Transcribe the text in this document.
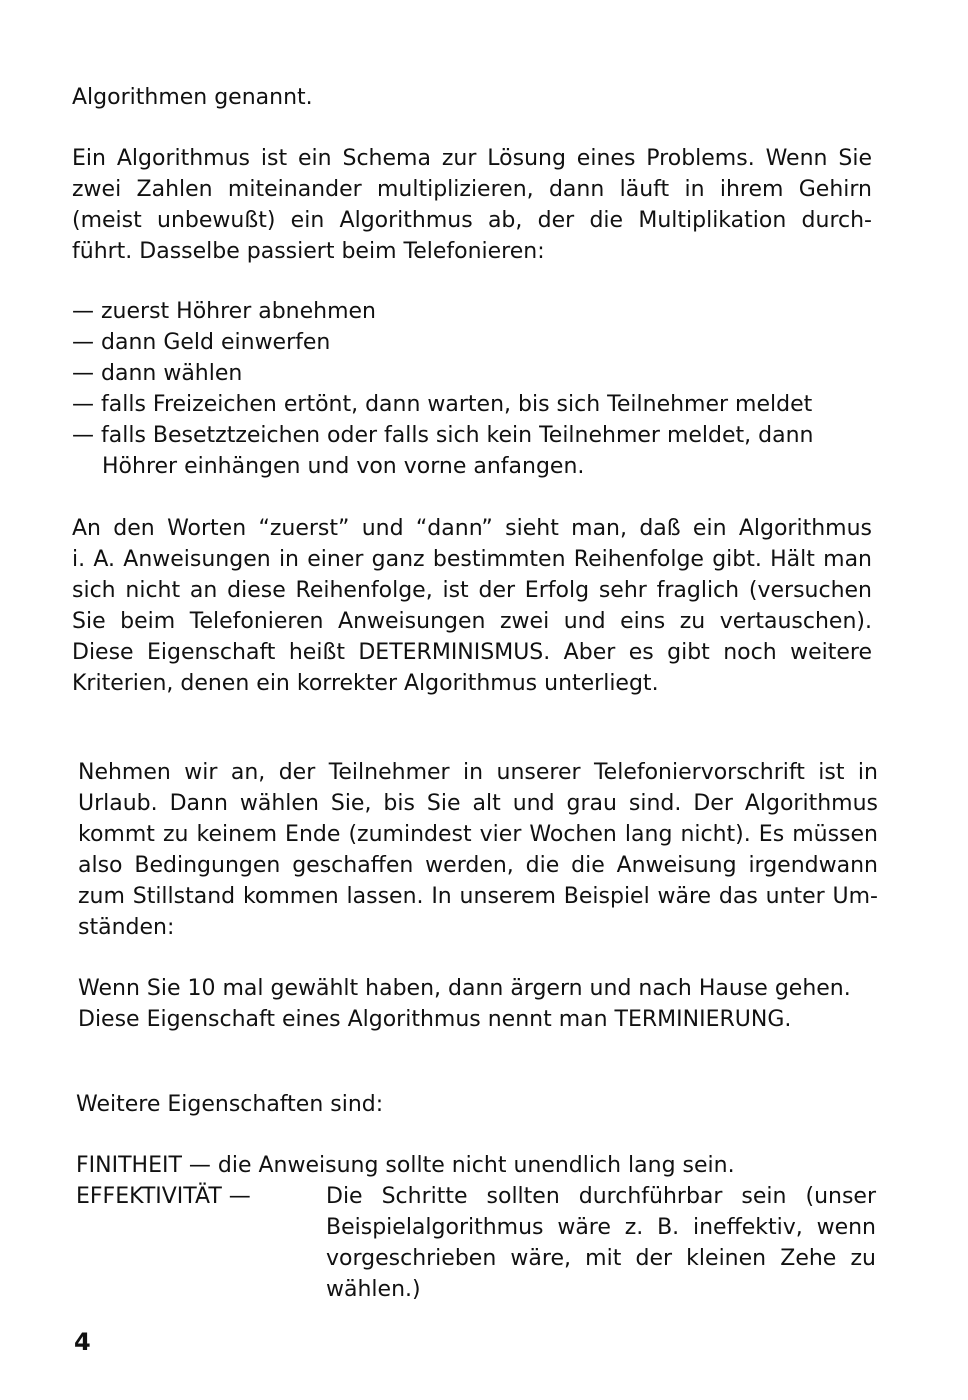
Algorithmen genannt.
Ein Algorithmus ist ein Schema zur Lösung eines Problems. Wenn Sie
zwei Zahlen miteinander multiplizieren, dann läuft in ihrem Gehirn
(meist unbewußt) ein Algorithmus ab, der die Multiplikation durch-
führt. Dasselbe passiert beim Telefonieren:
— zuerst Höhrer abnehmen
— dann Geld einwerfen
— dann wählen
— falls Freizeichen ertönt, dann warten, bis sich Teilnehmer meldet
— falls Besetztzeichen oder falls sich kein Teilnehmer meldet, dann
Höhrer einhängen und von vorne anfangen.
An den Worten “zuerst” und “dann” sieht man, daß ein Algorithmus
i. A. Anweisungen in einer ganz bestimmten Reihenfolge gibt. Hält man
sich nicht an diese Reihenfolge, ist der Erfolg sehr fraglich (versuchen
Sie beim Telefonieren Anweisungen zwei und eins zu vertauschen).
Diese Eigenschaft heißt DETERMINISMUS. Aber es gibt noch weitere
Kriterien, denen ein korrekter Algorithmus unterliegt.
Nehmen wir an, der Teilnehmer in unserer Telefoniervorschrift ist in
Urlaub. Dann wählen Sie, bis Sie alt und grau sind. Der Algorithmus
kommt zu keinem Ende (zumindest vier Wochen lang nicht). Es müssen
also Bedingungen geschaffen werden, die die Anweisung irgendwann
zum Stillstand kommen lassen. In unserem Beispiel wäre das unter Um-
ständen:
Wenn Sie 10 mal gewählt haben, dann ärgern und nach Hause gehen.
Diese Eigenschaft eines Algorithmus nennt man TERMINIERUNG.
Weitere Eigenschaften sind:
FINITHEIT — die Anweisung sollte nicht unendlich lang sein.
EFFEKTIVITÄT —	Die Schritte sollten durchführbar sein (unser
Beispielalgorithmus wäre z. B. ineffektiv, wenn
vorgeschrieben wäre, mit der kleinen Zehe zu
wählen.)
4
